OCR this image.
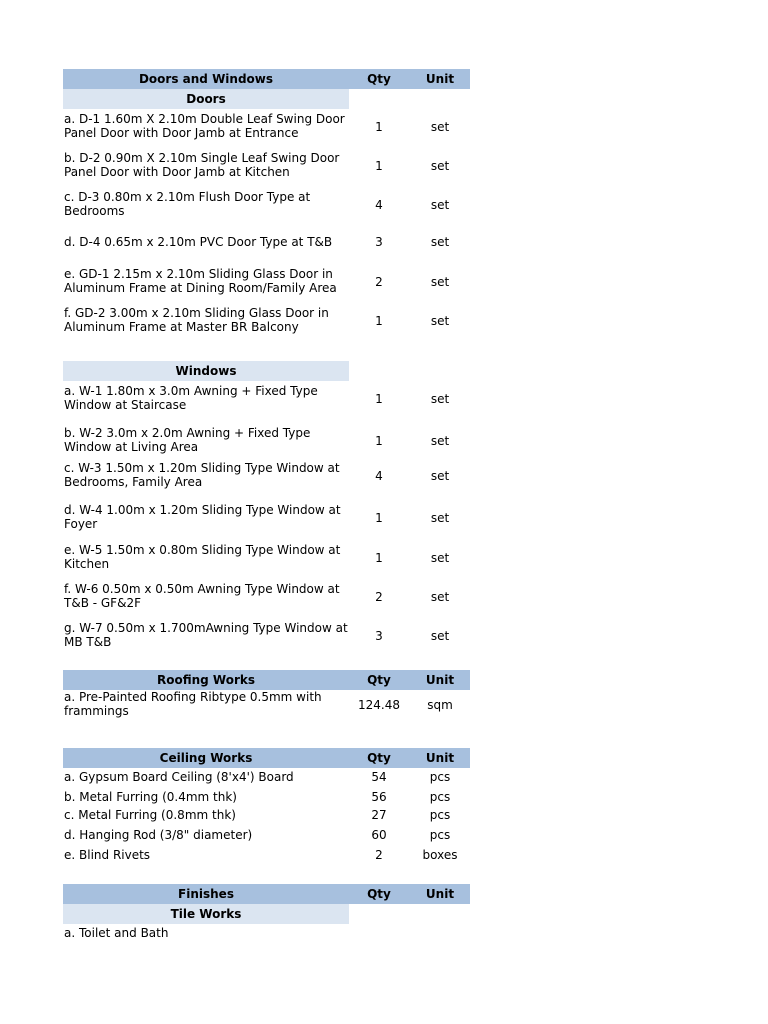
Doors and Windows	Qty	Unit
Doors
a. D-1 1.60m X 2.10m Double Leaf Swing Door Panel Door with Door Jamb at Entrance	1	set
b. D-2 0.90m X 2.10m Single Leaf Swing Door Panel Door with Door Jamb at Kitchen	1	set
c. D-3 0.80m x 2.10m Flush Door Type at Bedrooms	4	set
d. D-4 0.65m x 2.10m PVC Door Type at T&B	3	set
e. GD-1 2.15m x 2.10m Sliding Glass Door in Aluminum Frame at Dining Room/Family Area	2	set
f. GD-2 3.00m x 2.10m Sliding Glass Door in Aluminum Frame at Master BR Balcony	1	set
Windows
a. W-1 1.80m x 3.0m Awning + Fixed Type Window at Staircase	1	set
b. W-2 3.0m x 2.0m Awning + Fixed Type Window at Living Area	1	set
c. W-3 1.50m x 1.20m Sliding Type Window at Bedrooms, Family Area	4	set
d. W-4 1.00m x 1.20m Sliding Type Window at Foyer	1	set
e. W-5 1.50m x 0.80m Sliding Type Window at Kitchen	1	set
f. W-6 0.50m x 0.50m Awning Type Window at T&B - GF&2F	2	set
g. W-7 0.50m x 1.700mAwning Type Window at MB T&B	3	set
Roofing Works	Qty	Unit
a. Pre-Painted Roofing Ribtype 0.5mm with frammings	124.48	sqm
Ceiling Works	Qty	Unit
a. Gypsum Board Ceiling (8'x4') Board	54	pcs
b. Metal Furring (0.4mm thk)	56	pcs
c. Metal Furring (0.8mm thk)	27	pcs
d. Hanging Rod (3/8" diameter)	60	pcs
e. Blind Rivets	2	boxes
Finishes	Qty	Unit
Tile Works
a. Toilet and Bath
